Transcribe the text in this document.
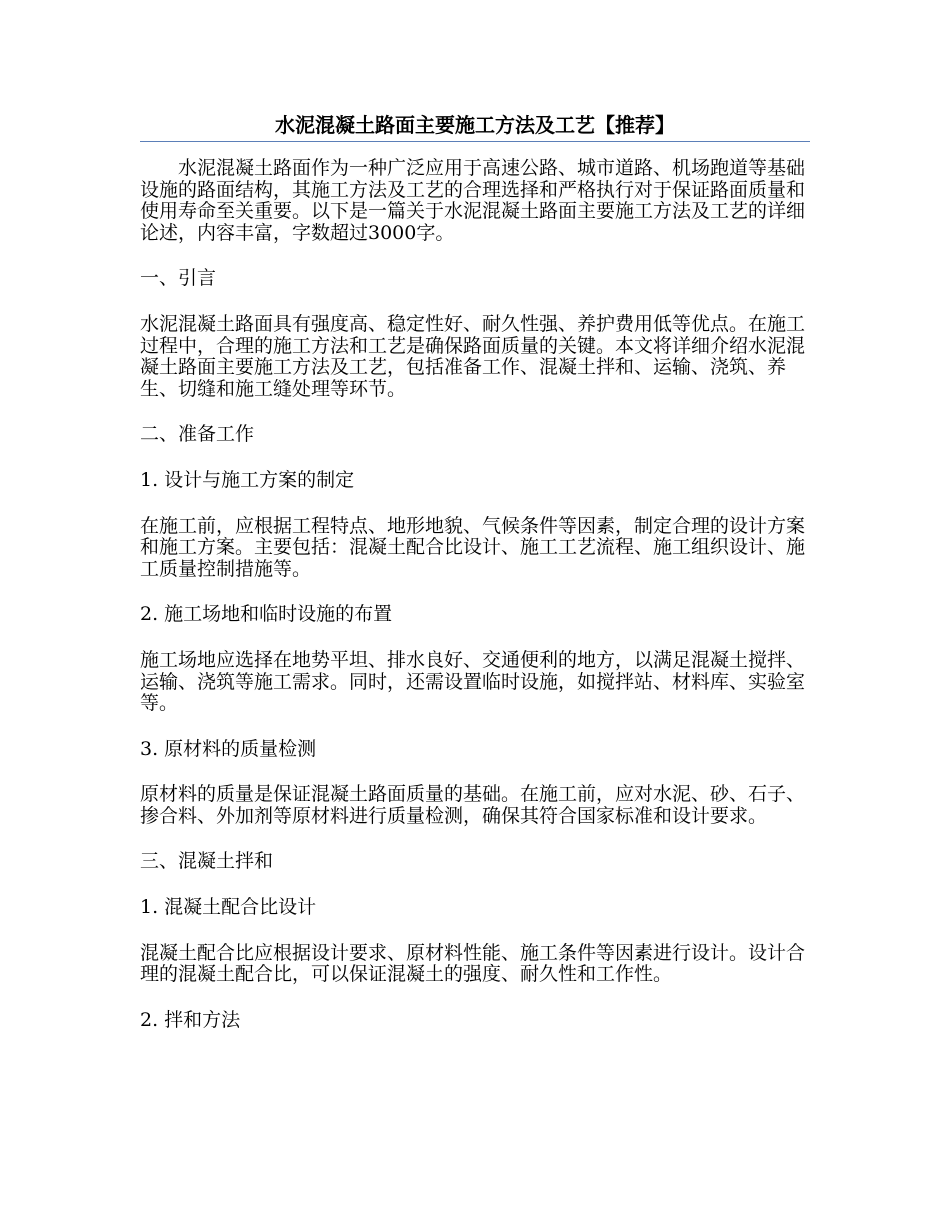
水泥混凝土路面主要施工方法及工艺【推荐】

水泥混凝土路面作为一种广泛应用于高速公路、城市道路、机场跑道等基础设施的路面结构，其施工方法及工艺的合理选择和严格执行对于保证路面质量和使用寿命至关重要。以下是一篇关于水泥混凝土路面主要施工方法及工艺的详细论述，内容丰富，字数超过3000字。

一、引言

水泥混凝土路面具有强度高、稳定性好、耐久性强、养护费用低等优点。在施工过程中，合理的施工方法和工艺是确保路面质量的关键。本文将详细介绍水泥混凝土路面主要施工方法及工艺，包括准备工作、混凝土拌和、运输、浇筑、养生、切缝和施工缝处理等环节。

二、准备工作

1. 设计与施工方案的制定

在施工前，应根据工程特点、地形地貌、气候条件等因素，制定合理的设计方案和施工方案。主要包括：混凝土配合比设计、施工工艺流程、施工组织设计、施工质量控制措施等。

2. 施工场地和临时设施的布置

施工场地应选择在地势平坦、排水良好、交通便利的地方，以满足混凝土搅拌、运输、浇筑等施工需求。同时，还需设置临时设施，如搅拌站、材料库、实验室等。

3. 原材料的质量检测

原材料的质量是保证混凝土路面质量的基础。在施工前，应对水泥、砂、石子、掺合料、外加剂等原材料进行质量检测，确保其符合国家标准和设计要求。

三、混凝土拌和

1. 混凝土配合比设计

混凝土配合比应根据设计要求、原材料性能、施工条件等因素进行设计。设计合理的混凝土配合比，可以保证混凝土的强度、耐久性和工作性。

2. 拌和方法
